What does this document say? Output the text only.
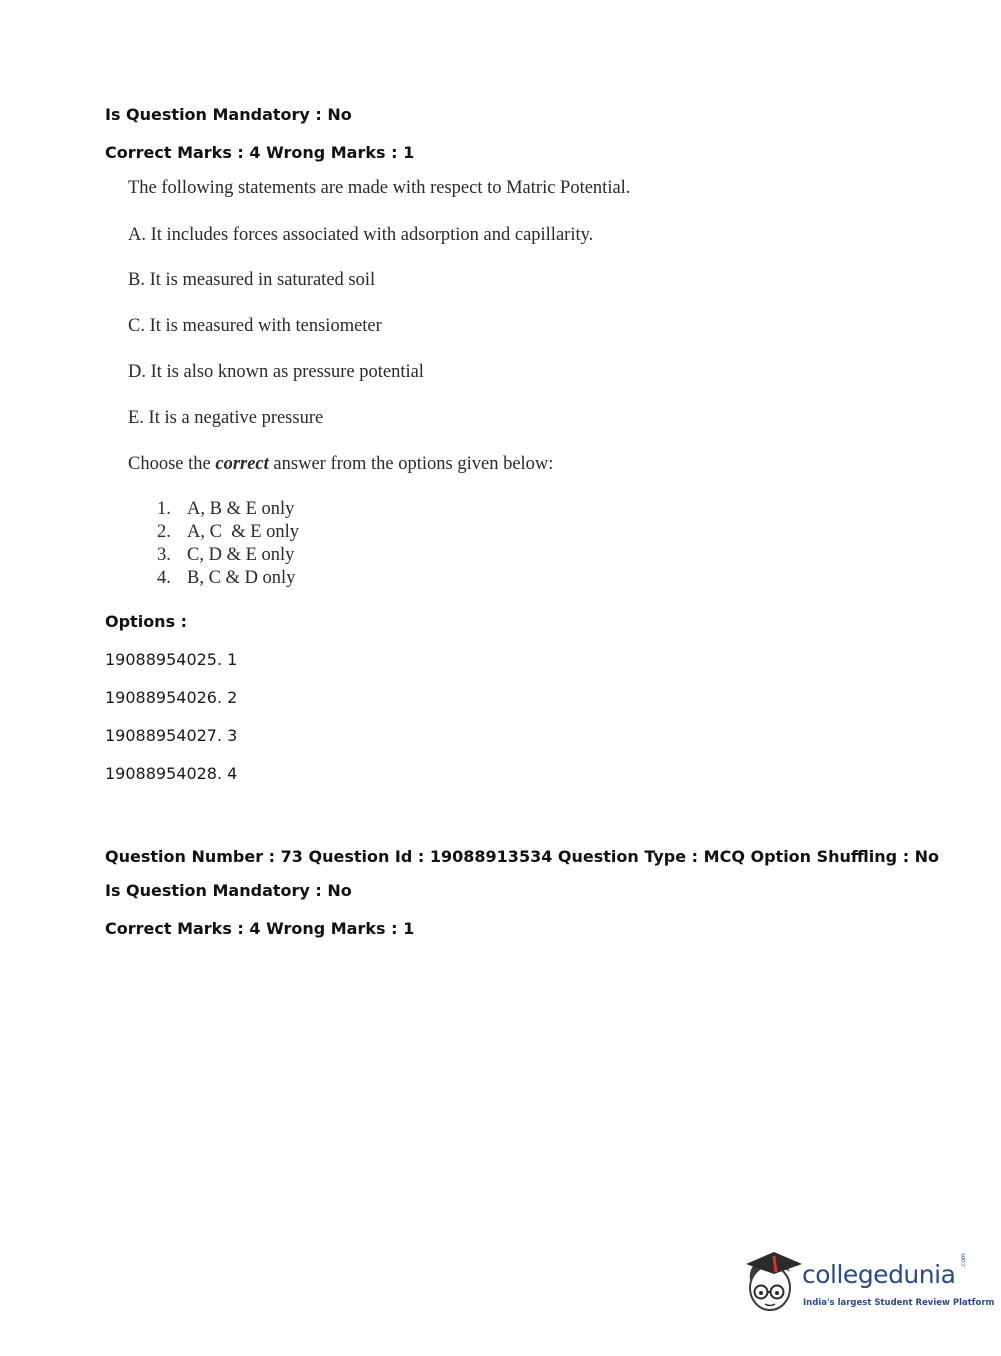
Is Question Mandatory : No
Correct Marks : 4 Wrong Marks : 1
The following statements are made with respect to Matric Potential.
A. It includes forces associated with adsorption and capillarity.
B. It is measured in saturated soil
C. It is measured with tensiometer
D. It is also known as pressure potential
E. It is a negative pressure
Choose the correct answer from the options given below:
1. A, B & E only
2. A, C  & E only
3. C, D & E only
4. B, C & D only
Options :
19088954025. 1
19088954026. 2
19088954027. 3
19088954028. 4
Question Number : 73 Question Id : 19088913534 Question Type : MCQ Option Shuffling : No
Is Question Mandatory : No
Correct Marks : 4 Wrong Marks : 1
collegedunia .com
India's largest Student Review Platform
